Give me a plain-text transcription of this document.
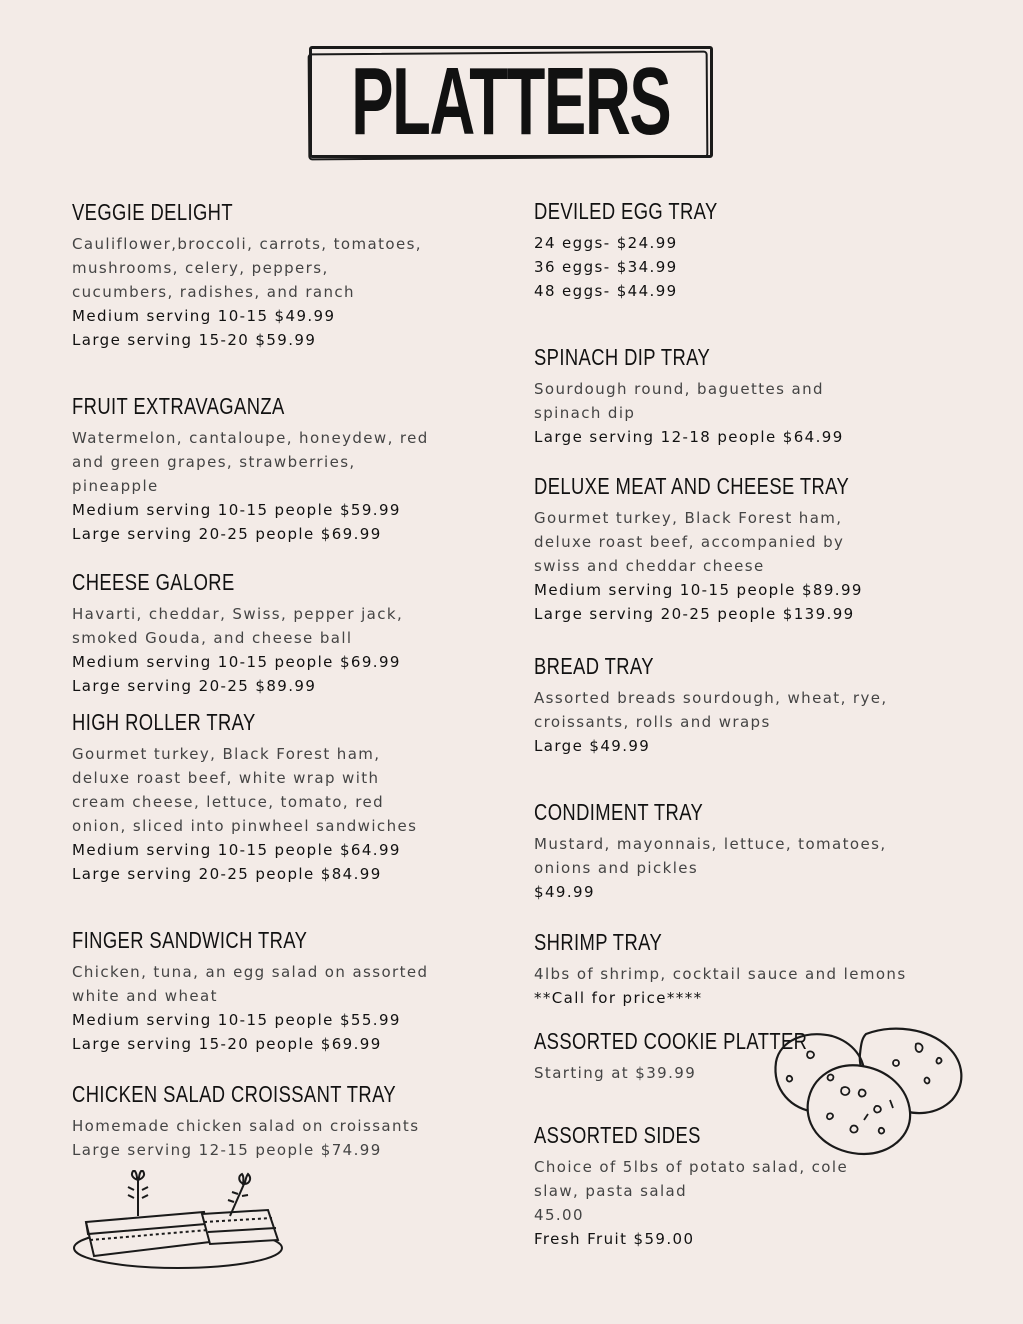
PLATTERS
VEGGIE DELIGHT
Cauliflower,broccoli, carrots, tomatoes,
mushrooms, celery, peppers,
cucumbers, radishes, and ranch
Medium serving 10-15 $49.99
Large serving 15-20 $59.99
FRUIT EXTRAVAGANZA
Watermelon, cantaloupe, honeydew, red
and green grapes, strawberries,
pineapple
Medium serving 10-15 people $59.99
Large serving 20-25 people $69.99
CHEESE GALORE
Havarti, cheddar, Swiss, pepper jack,
smoked Gouda, and cheese ball
Medium serving 10-15 people $69.99
Large serving 20-25 $89.99
HIGH ROLLER TRAY
Gourmet turkey, Black Forest ham,
deluxe roast beef, white wrap with
cream cheese, lettuce, tomato, red
onion, sliced into pinwheel sandwiches
Medium serving 10-15 people $64.99
Large serving 20-25 people $84.99
FINGER SANDWICH TRAY
Chicken, tuna, an egg salad on assorted
white and wheat
Medium serving 10-15 people $55.99
Large serving 15-20 people $69.99
CHICKEN SALAD CROISSANT TRAY
Homemade chicken salad on croissants
Large serving 12-15 people $74.99
DEVILED EGG TRAY
24 eggs- $24.99
36 eggs- $34.99
48 eggs- $44.99
SPINACH DIP TRAY
Sourdough round, baguettes and
spinach dip
Large serving 12-18 people $64.99
DELUXE MEAT AND CHEESE TRAY
Gourmet turkey, Black Forest ham,
deluxe roast beef, accompanied by
swiss and cheddar cheese
Medium serving 10-15 people $89.99
Large serving 20-25 people $139.99
BREAD TRAY
Assorted breads sourdough, wheat, rye,
croissants, rolls and wraps
Large $49.99
CONDIMENT TRAY
Mustard, mayonnais, lettuce, tomatoes,
onions and pickles
$49.99
SHRIMP TRAY
4lbs of shrimp, cocktail sauce and lemons
**Call for price****
ASSORTED COOKIE PLATTER
Starting at $39.99
ASSORTED SIDES
Choice of 5lbs of potato salad, cole
slaw, pasta salad
45.00
Fresh Fruit $59.00
